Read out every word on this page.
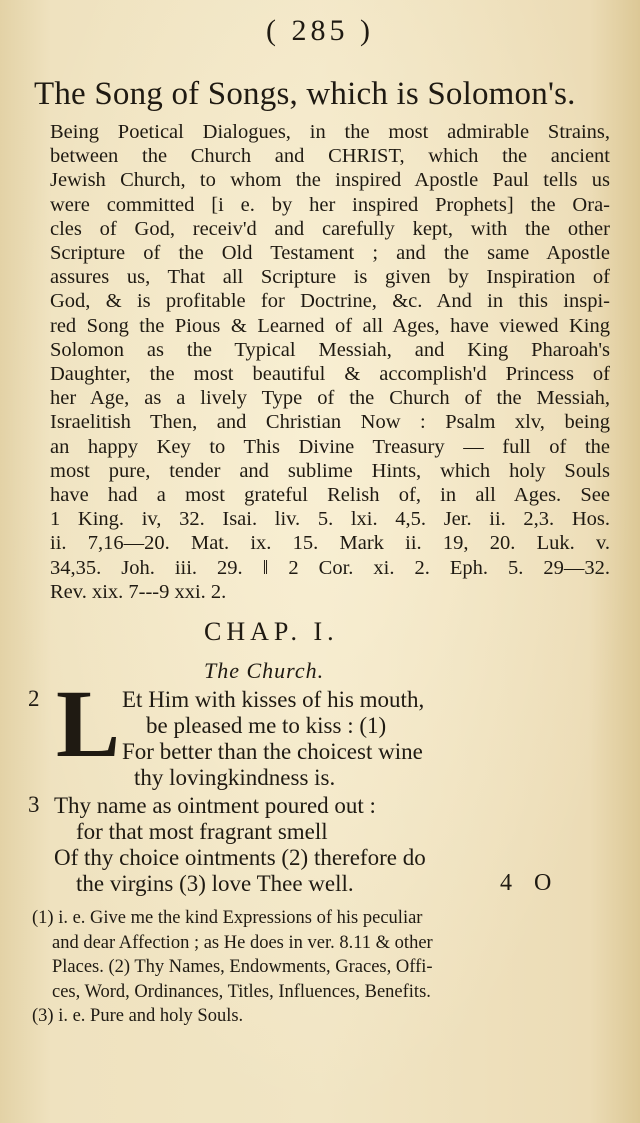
( 285 )
The Song of Songs, which is Solomon's.
Being Poetical Dialogues, in the most admirable Strains,
between the Church and CHRIST, which the ancient
Jewish Church, to whom the inspired Apostle Paul tells us
were committed [i e. by her inspired Prophets] the Ora-
cles of God, receiv'd and carefully kept, with the other
Scripture of the Old Testament ; and the same Apostle
assures us, That all Scripture is given by Inspiration of
God, & is profitable for Doctrine, &c. And in this inspi-
red Song the Pious & Learned of all Ages, have viewed King
Solomon as the Typical Messiah, and King Pharoah's
Daughter, the most beautiful & accomplish'd Princess of
her Age, as a lively Type of the Church of the Messiah,
Israelitish Then, and Christian Now : Psalm xlv, being
an happy Key to This Divine Treasury — full of the
most pure, tender and sublime Hints, which holy Souls
have had a most grateful Relish of, in all Ages. See
1 King. iv, 32. Isai. liv. 5. lxi. 4,5. Jer. ii. 2,3. Hos.
ii. 7,16—20. Mat. ix. 15. Mark ii. 19, 20. Luk. v.
34,35. Joh. iii. 29. ‖ 2 Cor. xi. 2. Eph. 5. 29—32.
Rev. xix. 7---9 xxi. 2.
CHAP. I.
The Church.
2 L Et Him with kisses of his mouth,
be pleased me to kiss : (1)
For better than the choicest wine
thy lovingkindness is.
3 Thy name as ointment poured out :
for that most fragrant smell
Of thy choice ointments (2) therefore do
the virgins (3) love Thee well.	4 O
(1) i. e. Give me the kind Expressions of his peculiar
and dear Affection ; as He does in ver. 8.11 & other
Places. (2) Thy Names, Endowments, Graces, Offi-
ces, Word, Ordinances, Titles, Influences, Benefits.
(3) i. e. Pure and holy Souls.
